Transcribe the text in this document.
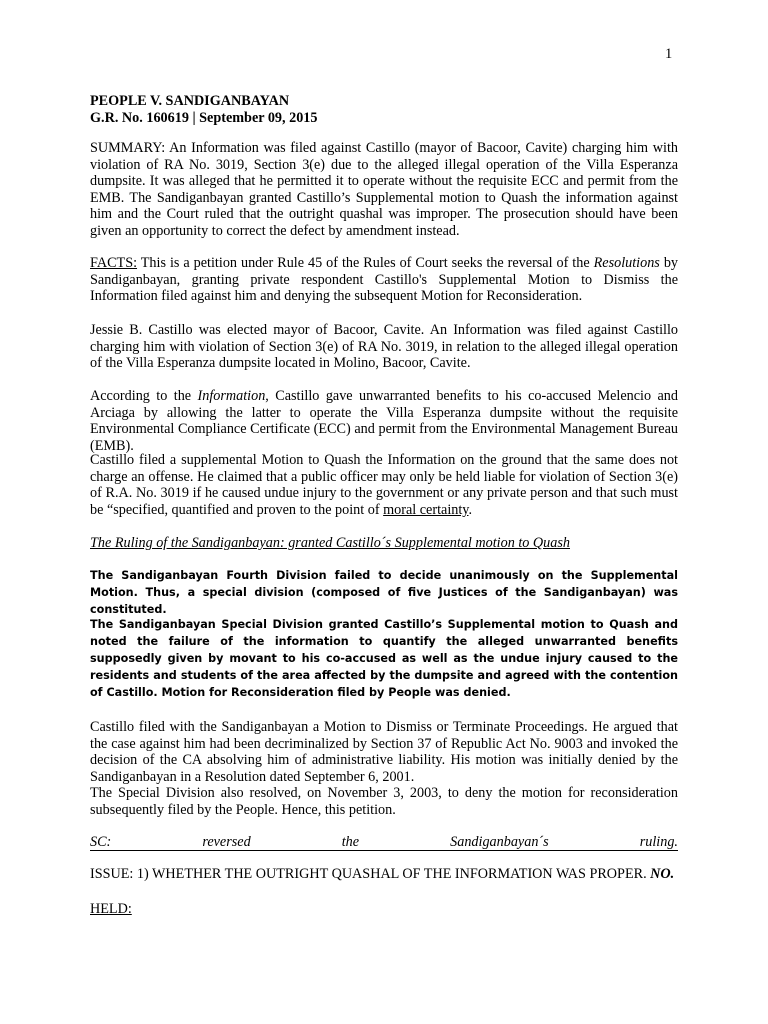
1
PEOPLE V. SANDIGANBAYAN
G.R. No. 160619 | September 09, 2015
SUMMARY: An Information was filed against Castillo (mayor of Bacoor, Cavite) charging him with violation of RA No. 3019, Section 3(e) due to the alleged illegal operation of the Villa Esperanza dumpsite. It was alleged that he permitted it to operate without the requisite ECC and permit from the EMB. The Sandiganbayan granted Castillo’s Supplemental motion to Quash the information against him and the Court ruled that the outright quashal was improper. The prosecution should have been given an opportunity to correct the defect by amendment instead.
FACTS: This is a petition under Rule 45 of the Rules of Court seeks the reversal of the Resolutions by Sandiganbayan, granting private respondent Castillo's Supplemental Motion to Dismiss the Information filed against him and denying the subsequent Motion for Reconsideration.
Jessie B. Castillo was elected mayor of Bacoor, Cavite. An Information was filed against Castillo charging him with violation of Section 3(e) of RA No. 3019, in relation to the alleged illegal operation of the Villa Esperanza dumpsite located in Molino, Bacoor, Cavite.
According to the Information, Castillo gave unwarranted benefits to his co-accused Melencio and Arciaga by allowing the latter to operate the Villa Esperanza dumpsite without the requisite Environmental Compliance Certificate (ECC) and permit from the Environmental Management Bureau (EMB).
Castillo filed a supplemental Motion to Quash the Information on the ground that the same does not charge an offense. He claimed that a public officer may only be held liable for violation of Section 3(e) of R.A. No. 3019 if he caused undue injury to the government or any private person and that such must be “specified, quantified and proven to the point of moral certainty.
The Ruling of the Sandiganbayan: granted Castillo´s Supplemental motion to Quash
The Sandiganbayan Fourth Division failed to decide unanimously on the Supplemental Motion. Thus, a special division (composed of five Justices of the Sandiganbayan) was constituted.
The Sandiganbayan Special Division granted Castillo’s Supplemental motion to Quash and noted the failure of the information to quantify the alleged unwarranted benefits supposedly given by movant to his co-accused as well as the undue injury caused to the residents and students of the area affected by the dumpsite and agreed with the contention of Castillo. Motion for Reconsideration filed by People was denied.
Castillo filed with the Sandiganbayan a Motion to Dismiss or Terminate Proceedings. He argued that the case against him had been decriminalized by Section 37 of Republic Act No. 9003 and invoked the decision of the CA absolving him of administrative liability. His motion was initially denied by the Sandiganbayan in a Resolution dated September 6, 2001.
The Special Division also resolved, on November 3, 2003, to deny the motion for reconsideration subsequently filed by the People. Hence, this petition.
SC:	reversed	the	Sandiganbayan´s	ruling.
ISSUE: 1) WHETHER THE OUTRIGHT QUASHAL OF THE INFORMATION WAS PROPER. NO.
HELD:
